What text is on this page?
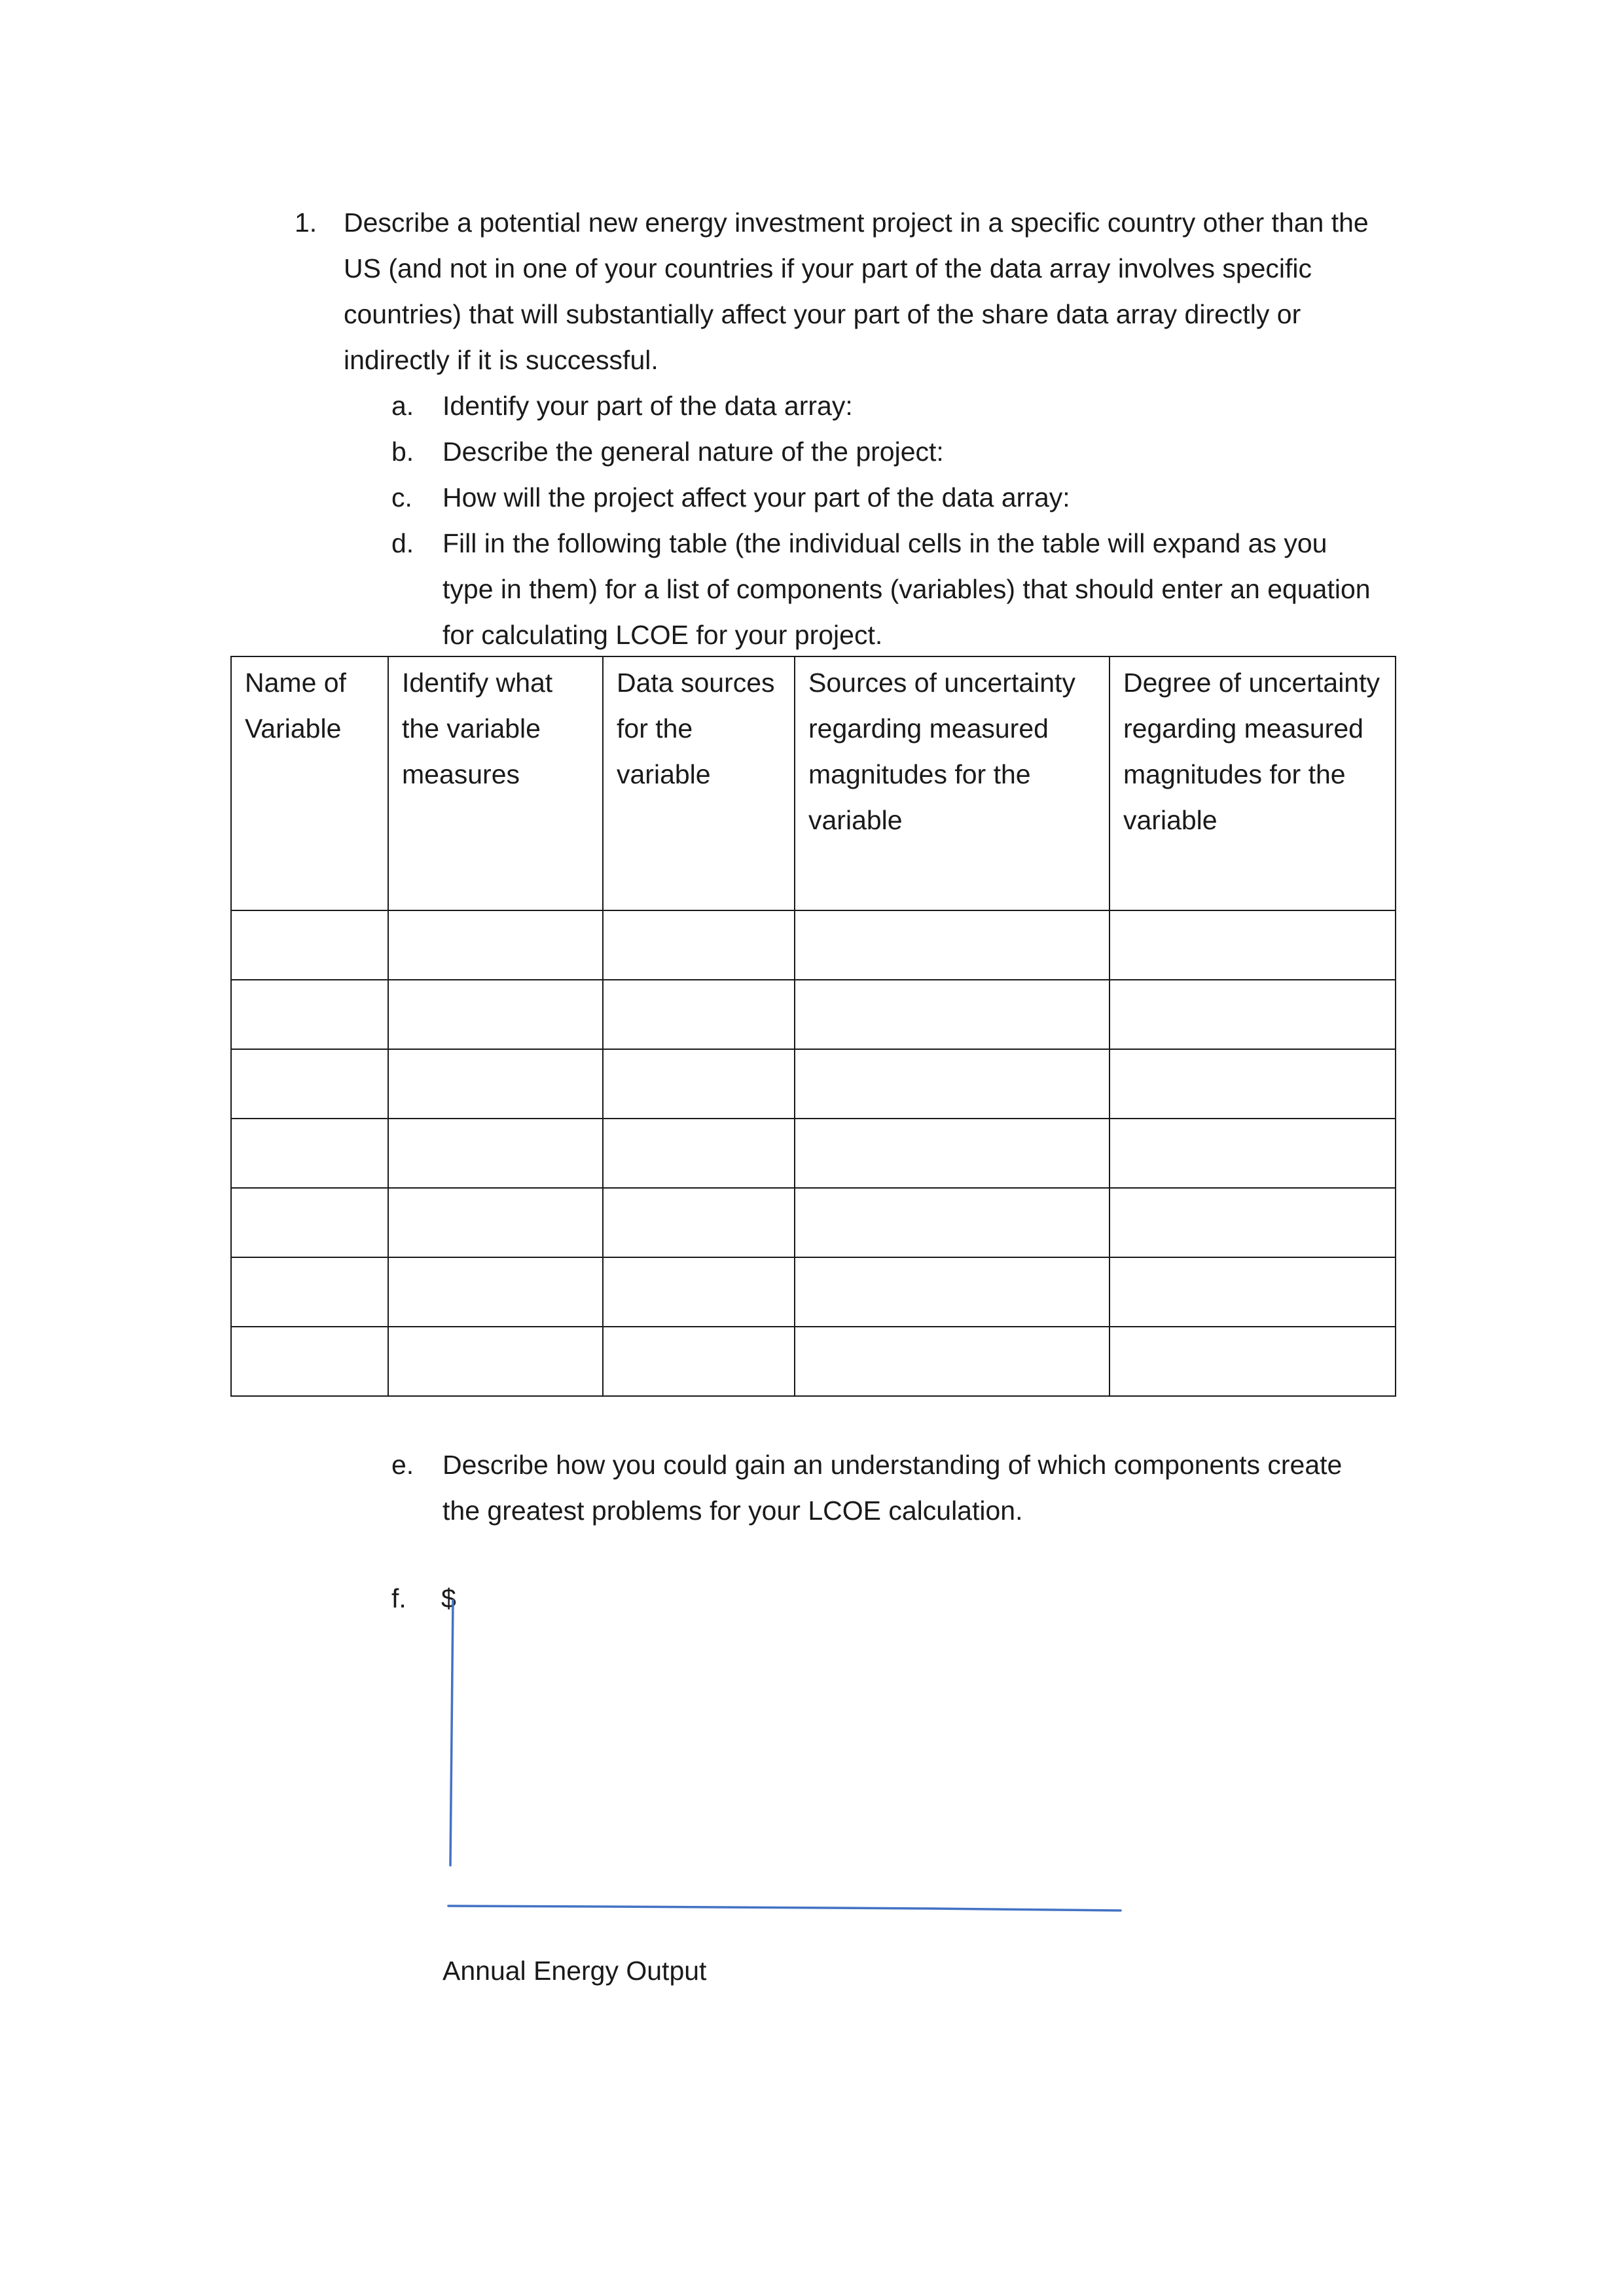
1. Describe a potential new energy investment project in a specific country other than the US (and not in one of your countries if your part of the data array involves specific countries) that will substantially affect your part of the share data array directly or indirectly if it is successful.
a. Identify your part of the data array:
b. Describe the general nature of the project:
c. How will the project affect your part of the data array:
d. Fill in the following table (the individual cells in the table will expand as you type in them) for a list of components (variables) that should enter an equation for calculating LCOE for your project.
Name of Variable	Identify what the variable measures	Data sources for the variable	Sources of uncertainty regarding measured magnitudes for the variable	Degree of uncertainty regarding measured magnitudes for the variable

e. Describe how you could gain an understanding of which components create the greatest problems for your LCOE calculation.
f. $
Annual Energy Output
